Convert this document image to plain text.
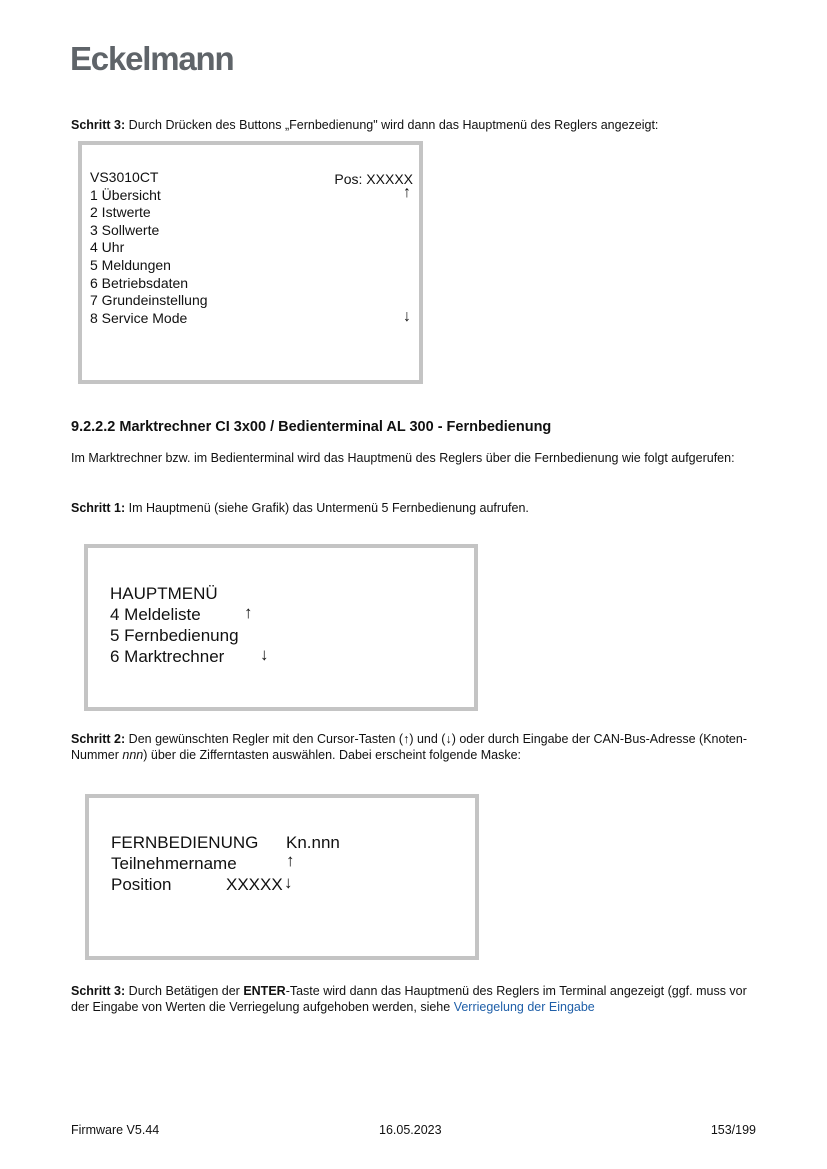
Eckelmann
Schritt 3: Durch Drücken des Buttons „Fernbedienung" wird dann das Hauptmenü des Reglers angezeigt:
VS3010CT	Pos: XXXXX
1 Übersicht
2 Istwerte
3 Sollwerte
4 Uhr
5 Meldungen
6 Betriebsdaten
7 Grundeinstellung
8 Service Mode
↑
↓
9.2.2.2 Marktrechner CI 3x00 / Bedienterminal AL 300 - Fernbedienung
Im Marktrechner bzw. im Bedienterminal wird das Hauptmenü des Reglers über die Fernbedienung wie folgt aufgerufen:
Schritt 1: Im Hauptmenü (siehe Grafik) das Untermenü 5 Fernbedienung aufrufen.
HAUPTMENÜ
4 Meldeliste
5 Fernbedienung
6 Marktrechner
↑
↓
Schritt 2: Den gewünschten Regler mit den Cursor-Tasten (↑) und (↓) oder durch Eingabe der CAN-Bus-Adresse (Knoten-Nummer nnn) über die Zifferntasten auswählen. Dabei erscheint folgende Maske:
FERNBEDIENUNG Kn.nnn
Teilnehmername	↑
Position	XXXXX ↓
Schritt 3: Durch Betätigen der ENTER-Taste wird dann das Hauptmenü des Reglers im Terminal angezeigt (ggf. muss vor der Eingabe von Werten die Verriegelung aufgehoben werden, siehe Verriegelung der Eingabe
Firmware V5.44	16.05.2023	153/199
